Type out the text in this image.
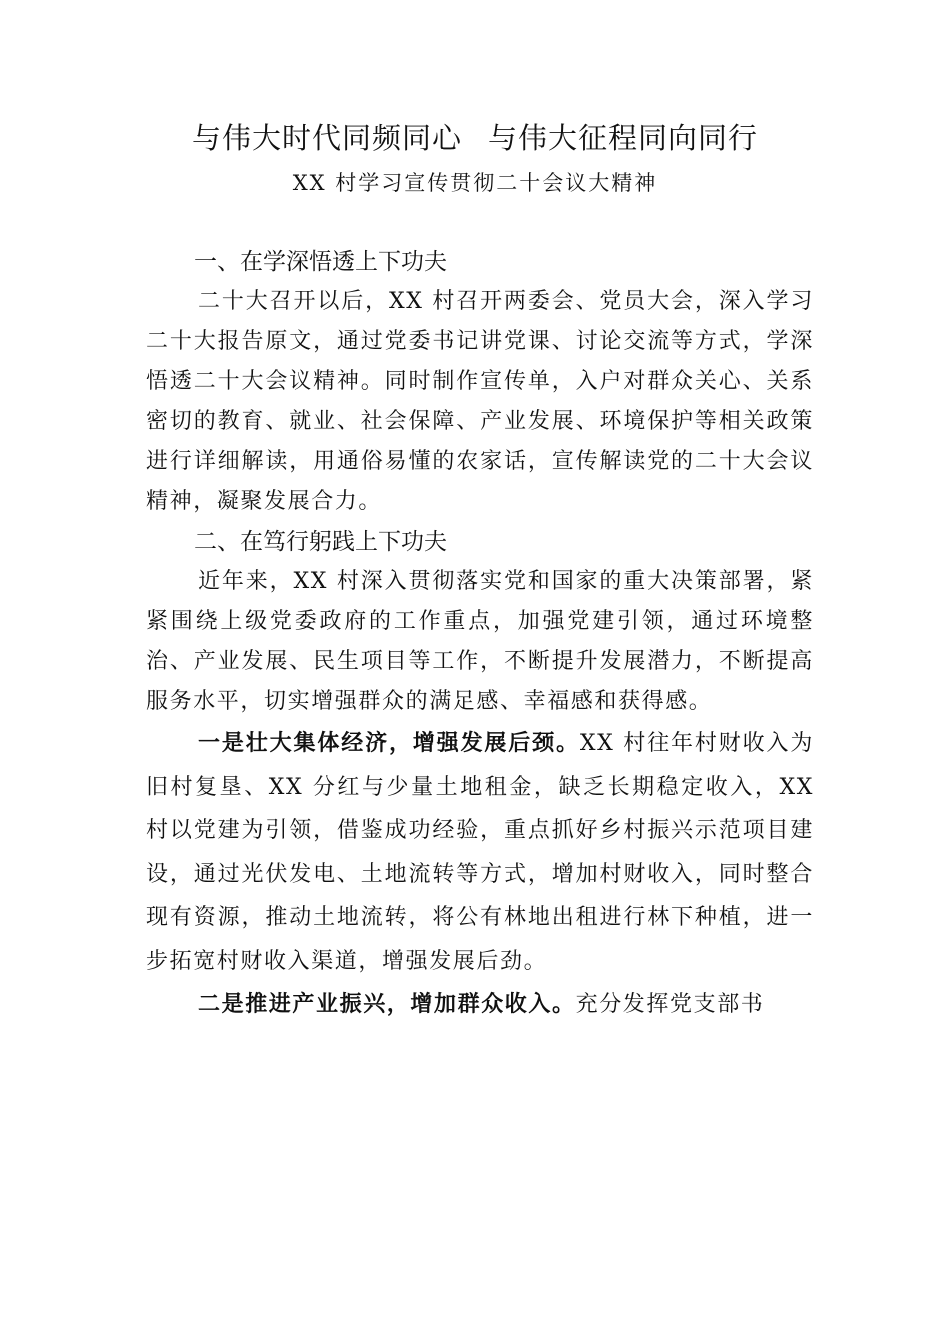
与伟大时代同频同心 与伟大征程同向同行
XX 村学习宣传贯彻二十会议大精神

一、在学深悟透上下功夫

二十大召开以后，XX 村召开两委会、党员大会，深入学习二十大报告原文，通过党委书记讲党课、讨论交流等方式，学深悟透二十大会议精神。同时制作宣传单，入户对群众关心、关系密切的教育、就业、社会保障、产业发展、环境保护等相关政策进行详细解读，用通俗易懂的农家话，宣传解读党的二十大会议精神，凝聚发展合力。

二、在笃行躬践上下功夫

近年来，XX 村深入贯彻落实党和国家的重大决策部署，紧紧围绕上级党委政府的工作重点，加强党建引领，通过环境整治、产业发展、民生项目等工作，不断提升发展潜力，不断提高服务水平，切实增强群众的满足感、幸福感和获得感。

一是壮大集体经济，增强发展后颈。XX 村往年村财收入为旧村复垦、XX 分红与少量土地租金，缺乏长期稳定收入，XX 村以党建为引领，借鉴成功经验，重点抓好乡村振兴示范项目建设，通过光伏发电、土地流转等方式，增加村财收入，同时整合现有资源，推动土地流转，将公有林地出租进行林下种植，进一步拓宽村财收入渠道，增强发展后劲。

二是推进产业振兴，增加群众收入。充分发挥党支部书
